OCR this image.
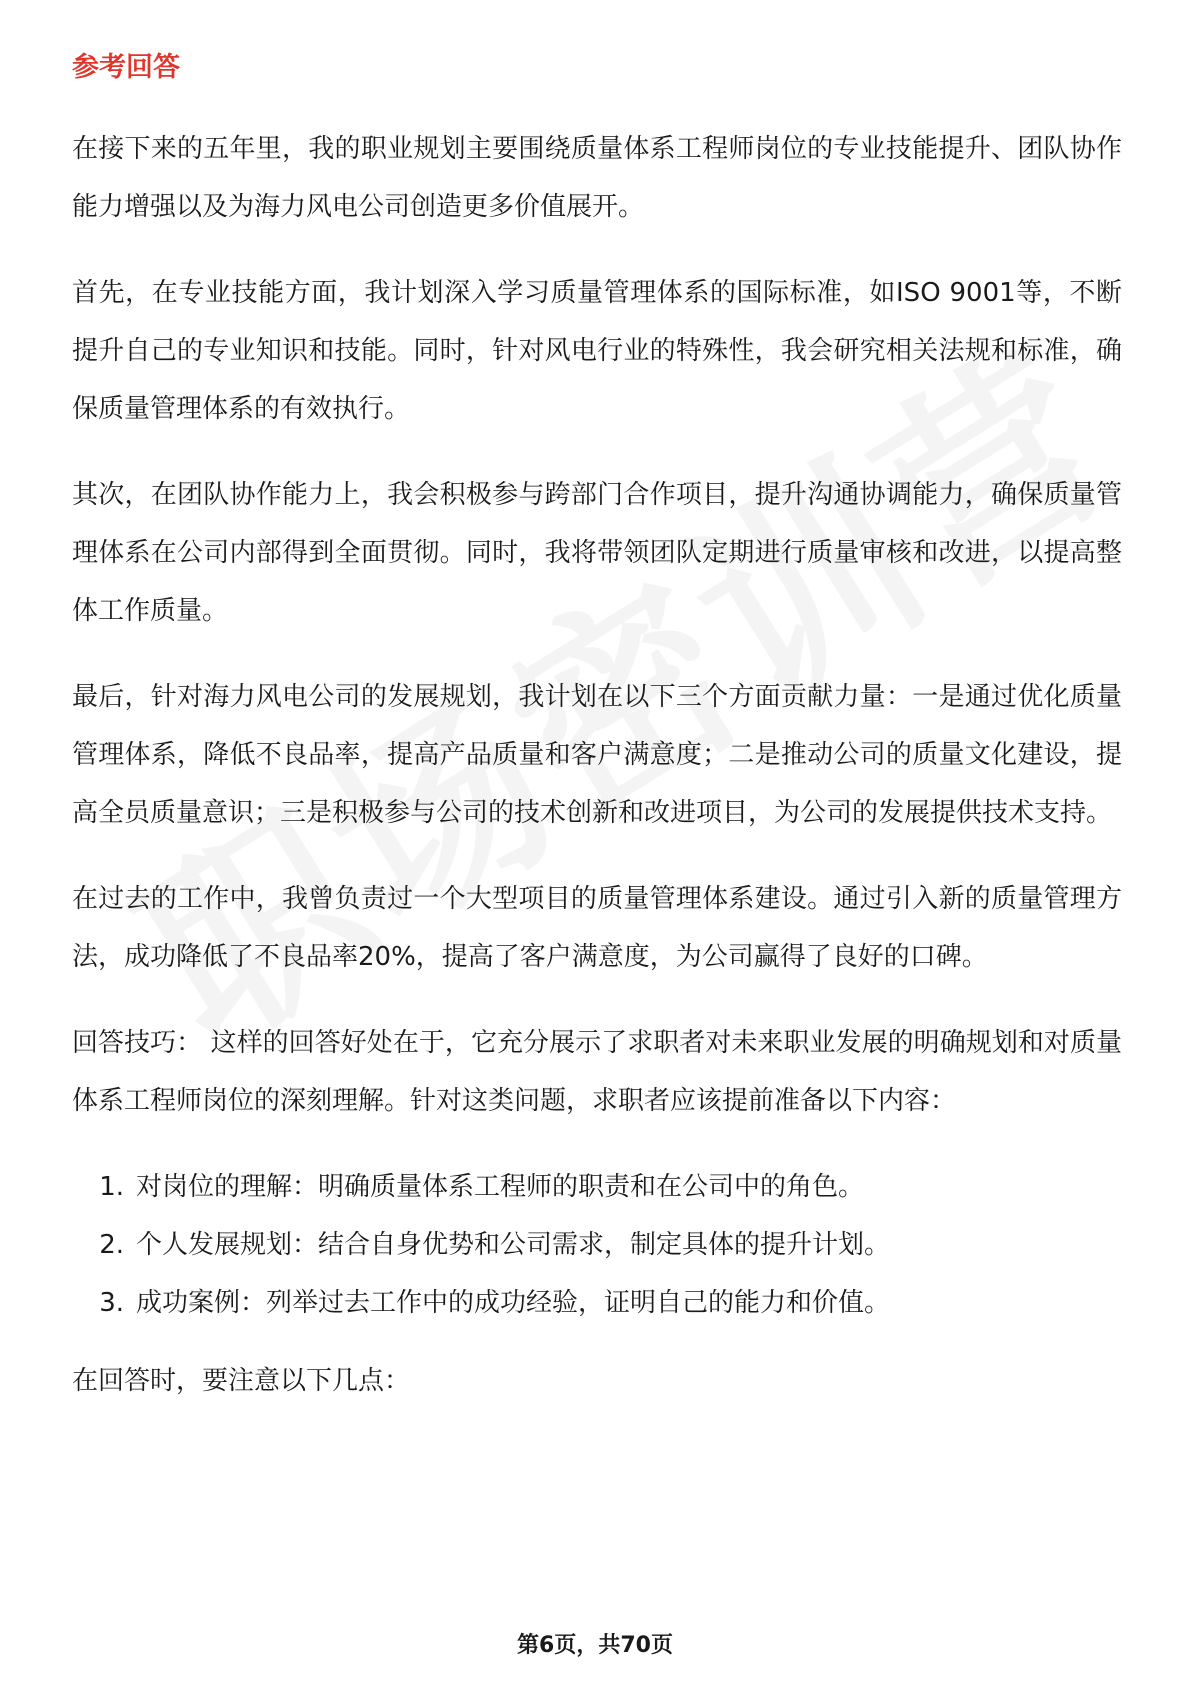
参考回答

在接下来的五年里，我的职业规划主要围绕质量体系工程师岗位的专业技能提升、团队协作能力增强以及为海力风电公司创造更多价值展开。

首先，在专业技能方面，我计划深入学习质量管理体系的国际标准，如ISO 9001等，不断提升自己的专业知识和技能。同时，针对风电行业的特殊性，我会研究相关法规和标准，确保质量管理体系的有效执行。

其次，在团队协作能力上，我会积极参与跨部门合作项目，提升沟通协调能力，确保质量管理体系在公司内部得到全面贯彻。同时，我将带领团队定期进行质量审核和改进，以提高整体工作质量。

最后，针对海力风电公司的发展规划，我计划在以下三个方面贡献力量：一是通过优化质量管理体系，降低不良品率，提高产品质量和客户满意度；二是推动公司的质量文化建设，提高全员质量意识；三是积极参与公司的技术创新和改进项目，为公司的发展提供技术支持。

在过去的工作中，我曾负责过一个大型项目的质量管理体系建设。通过引入新的质量管理方法，成功降低了不良品率20%，提高了客户满意度，为公司赢得了良好的口碑。

回答技巧： 这样的回答好处在于，它充分展示了求职者对未来职业发展的明确规划和对质量体系工程师岗位的深刻理解。针对这类问题，求职者应该提前准备以下内容：

1. 对岗位的理解：明确质量体系工程师的职责和在公司中的角色。
2. 个人发展规划：结合自身优势和公司需求，制定具体的提升计划。
3. 成功案例：列举过去工作中的成功经验，证明自己的能力和价值。

在回答时，要注意以下几点：

第6页，共70页
